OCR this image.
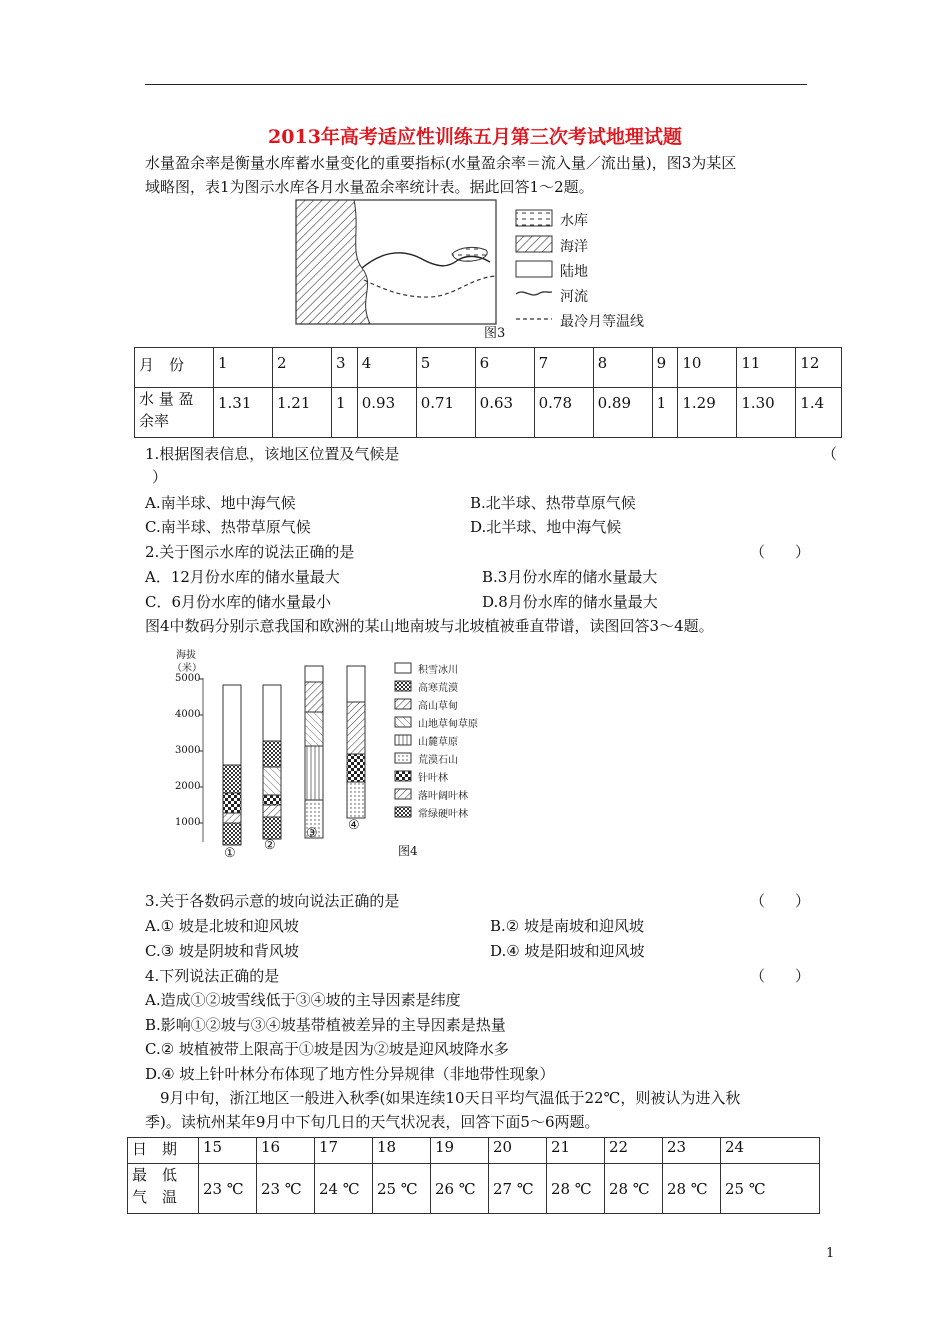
2013年高考适应性训练五月第三次考试地理试题
水量盈余率是衡量水库蓄水量变化的重要指标(水量盈余率＝流入量／流出量)，图3为某区
域略图，表1为图示水库各月水量盈余率统计表。据此回答1～2题。
水库
海洋
陆地
河流
最冷月等温线
图3
月　份	1	2	3	4	5	6	7	8	9	10	11	12
水 量 盈 余率	1.31	1.21	1	0.93	0.71	0.63	0.78	0.89	1	1.29	1.30	1.4
1.根据图表信息，该地区位置及气候是	（
）
A.南半球、地中海气候	B.北半球、热带草原气候
C.南半球、热带草原气候	D.北半球、地中海气候
2.关于图示水库的说法正确的是	（　　）
A．12月份水库的储水量最大	B.3月份水库的储水量最大
C．6月份水库的储水量最小	D.8月份水库的储水量最大
图4中数码分别示意我国和欧洲的某山地南坡与北坡植被垂直带谱，读图回答3～4题。
海拔
（米）
1000
2000
3000
4000
5000
①
②
③
④
积雪冰川
高寒荒漠
高山草甸
山地草甸草原
山麓草原
荒漠石山
针叶林
落叶阔叶林
常绿硬叶林
图4
3.关于各数码示意的坡向说法正确的是	（　　）
A.① 坡是北坡和迎风坡	B.② 坡是南坡和迎风坡
C.③ 坡是阴坡和背风坡	D.④ 坡是阳坡和迎风坡
4.下列说法正确的是	（　　）
A.造成①②坡雪线低于③④坡的主导因素是纬度
B.影响①②坡与③④坡基带植被差异的主导因素是热量
C.② 坡植被带上限高于①坡是因为②坡是迎风坡降水多
D.④ 坡上针叶林分布体现了地方性分异规律（非地带性现象）
9月中旬，浙江地区一般进入秋季(如果连续10天日平均气温低于22℃，则被认为进入秋
季)。读杭州某年9月中下旬几日的天气状况表，回答下面5～6两题。
日　期	15	16	17	18	19	20	21	22	23	24
最　低 气　温	23 ℃	23 ℃	24 ℃	25 ℃	26 ℃	27 ℃	28 ℃	28 ℃	28 ℃	25 ℃
1
